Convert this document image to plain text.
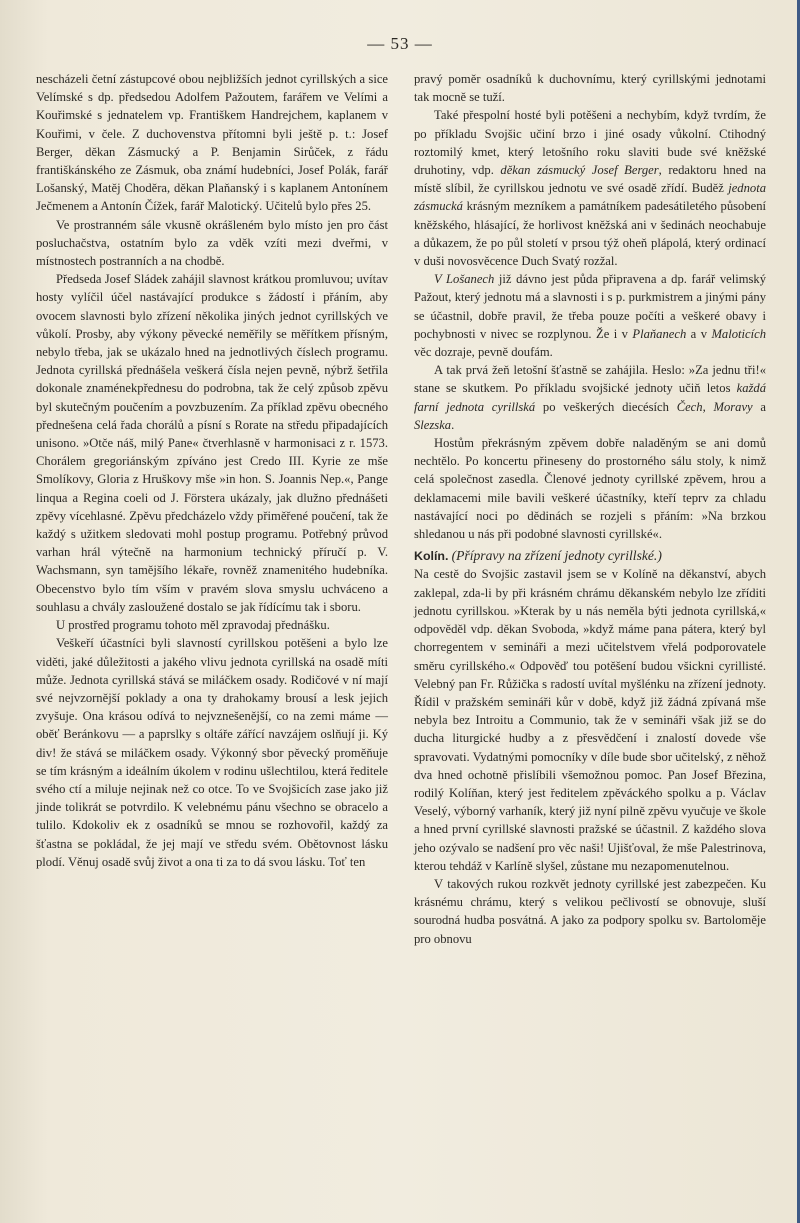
— 53 —

nescházeli četní zástupcové obou nejbližších jednot cyrillských a sice Velímské s dp. předsedou Adolfem Pažoutem, farářem ve Velími a Kouřimské s jednatelem vp. Františkem Handrejchem, kaplanem v Kouřimi, v čele. Z duchovenstva přítomni byli ještě p. t.: Josef Berger, děkan Zásmucký a P. Benjamin Sirůček, z řádu františkánského ze Zásmuk, oba známí hudebníci, Josef Polák, farář Lošanský, Matěj Choděra, děkan Plaňanský i s kaplanem Antonínem Ječmenem a Antonín Čížek, farář Malotický. Učitelů bylo přes 25.

Ve prostranném sále vkusně okrášleném bylo místo jen pro část posluchačstva, ostatním bylo za vděk vzíti mezi dveřmi, v místnostech postranních a na chodbě.

Předseda Josef Sládek zahájil slavnost krátkou promluvou; uvítav hosty vylíčil účel nastávající produkce s žádostí i přáním, aby ovocem slavnosti bylo zřízení několika jiných jednot cyrillských ve vůkolí. Prosby, aby výkony pěvecké neměřily se měřítkem přísným, nebylo třeba, jak se ukázalo hned na jednotlivých číslech programu. Jednota cyrillská přednášela veškerá čísla nejen pevně, nýbrž šetřila dokonale znaménekpřednesu do podrobna, tak že celý způsob zpěvu byl skutečným poučením a povzbuzením. Za příklad zpěvu obecného přednešena celá řada chorálů a písní s Rorate na středu připadajících unisono. »Otče náš, milý Pane« čtverhlasně v harmonisaci z r. 1573. Chorálem gregoriánským zpíváno jest Credo III. Kyrie ze mše Smolíkovy, Gloria z Hruškovy mše »in hon. S. Joannis Nep.«, Pange linqua a Regina coeli od J. Förstera ukázaly, jak dlužno přednášeti zpěvy vícehlasné. Zpěvu předcházelo vždy přiměřené poučení, tak že každý s užitkem sledovati mohl postup programu. Potřebný průvod varhan hrál výtečně na harmonium technický příručí p. V. Wachsmann, syn tamějšího lékaře, rovněž znamenitého hudebníka. Obecenstvo bylo tím vším v pravém slova smyslu uchváceno a souhlasu a chvály zasloužené dostalo se jak řídícímu tak i sboru.

U prostřed programu tohoto měl zpravodaj přednášku.

Veškeří účastníci byli slavností cyrillskou potěšeni a bylo lze viděti, jaké důležitosti a jakého vlivu jednota cyrillská na osadě míti může. Jednota cyrillská stává se miláčkem osady. Rodičové v ní mají své nejvzornější poklady a ona ty drahokamy brousí a lesk jejich zvyšuje. Ona krásou odívá to nejvznešenější, co na zemi máme — oběť Beránkovu — a paprslky s oltáře zářící navzájem oslňují ji. Ký div! že stává se miláčkem osady. Výkonný sbor pěvecký proměňuje se tím krásným a ideálním úkolem v rodinu ušlechtilou, která ředitele svého ctí a miluje nejinak než co otce. To ve Svojšicích zase jako již jinde tolikrát se potvrdilo. K velebnému pánu všechno se obracelo a tulilo. Kdokoliv ek z osadníků se mnou se rozhovořil, každý za šťastna se pokládal, že jej mají ve středu svém. Obětovnost lásku plodí. Věnuj osadě svůj život a ona ti za to dá svou lásku. Toť ten

pravý poměr osadníků k duchovnímu, který cyrillskými jednotami tak mocně se tuží.

Také přespolní hosté byli potěšeni a nechybím, když tvrdím, že po příkladu Svojšic učiní brzo i jiné osady vůkolní. Ctihodný roztomilý kmet, který letošního roku slaviti bude své kněžské druhotiny, vdp. děkan zásmucký Josef Berger, redaktoru hned na místě slíbil, že cyrillskou jednotu ve své osadě zřídí. Buděž jednota zásmucká krásným mezníkem a památníkem padesátiletého působení kněžského, hlásající, že horlivost kněžská ani v šedinách neochabuje a důkazem, že po půl století v prsou týž oheň plápolá, který ordinací v duši novosvěcence Duch Svatý rozžal.

V Lošanech již dávno jest půda připravena a dp. farář velimský Pažout, který jednotu má a slavnosti i s p. purkmistrem a jinými pány se účastnil, dobře pravil, že třeba pouze počíti a veškeré obavy i pochybnosti v nivec se rozplynou. Že i v Plaňanech a v Maloticích věc dozraje, pevně doufám.

A tak prvá žeň letošní šťastně se zahájila. Heslo: »Za jednu tři!« stane se skutkem. Po příkladu svojšické jednoty učiň letos každá farní jednota cyrillská po veškerých diecésích Čech, Moravy a Slezska.

Hostům překrásným zpěvem dobře naladěným se ani domů nechtělo. Po koncertu přineseny do prostorného sálu stoly, k nimž celá společnost zasedla. Členové jednoty cyrillské zpěvem, hrou a deklamacemi mile bavili veškeré účastníky, kteří teprv za chladu nastávající noci po dědinách se rozjeli s přáním: »Na brzkou shledanou u nás při podobné slavnosti cyrillské«.

Kolín. (Přípravy na zřízení jednoty cyrillské.)

Na cestě do Svojšic zastavil jsem se v Kolíně na děkanství, abych zaklepal, zda-li by při krásném chrámu děkanském nebylo lze zříditi jednotu cyrillskou. »Kterak by u nás neměla býti jednota cyrillská,« odpověděl vdp. děkan Svoboda, »když máme pana pátera, který byl chorregentem v semináři a mezi učitelstvem vřelá podporovatele směru cyrillského.« Odpověď tou potěšení budou všickni cyrillisté. Velebný pan Fr. Růžička s radostí uvítal myšlénku na zřízení jednoty. Řídil v pražském semináři kůr v době, když již žádná zpívaná mše nebyla bez Introitu a Communio, tak že v semináři však již se do ducha liturgické hudby a z přesvědčení i znalostí dovede vše spravovati. Vydatnými pomocníky v díle bude sbor učitelský, z něhož dva hned ochotně přislíbili všemožnou pomoc. Pan Josef Březina, rodilý Kolíňan, který jest ředitelem zpěváckého spolku a p. Václav Veselý, výborný varhaník, který již nyní pilně zpěvu vyučuje ve škole a hned první cyrillské slavnosti pražské se účastnil. Z každého slova jeho ozývalo se nadšení pro věc naši! Ujišťoval, že mše Palestrinova, kterou tehdáž v Karlíně slyšel, zůstane mu nezapomenutelnou.

V takových rukou rozkvět jednoty cyrillské jest zabezpečen. Ku krásnému chrámu, který s velikou pečlivostí se obnovuje, sluší sourodná hudba posvátná. A jako za podpory spolku sv. Bartoloměje pro obnovu
